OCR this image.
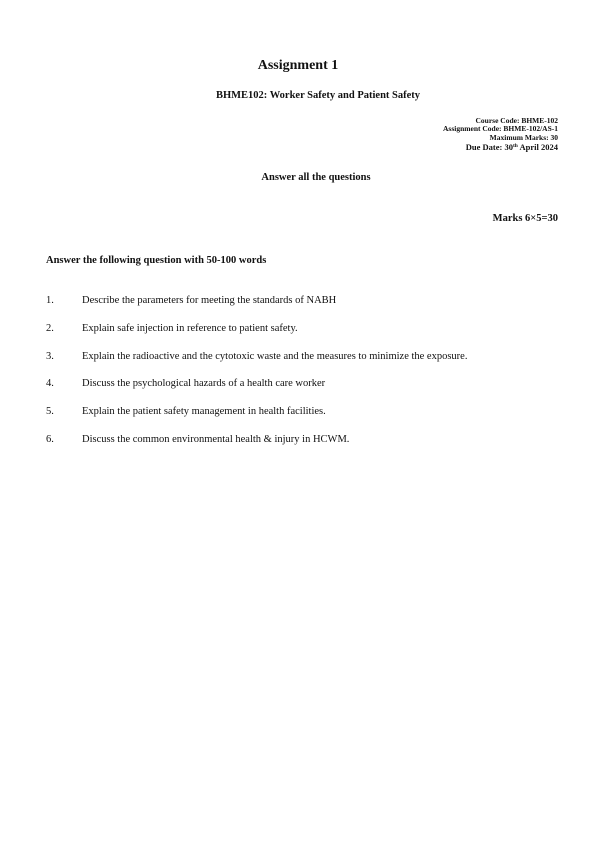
Assignment 1
BHME102: Worker Safety and Patient Safety
Course Code: BHME-102
Assignment Code: BHME-102/AS-1
Maximum Marks: 30
Due Date: 30th April 2024
Answer all the questions
Marks 6×5=30
Answer the following question with 50-100 words
1.	Describe the parameters for meeting the standards of NABH
2.	Explain safe injection in reference to patient safety.
3.	Explain the radioactive and the cytotoxic waste and the measures to minimize the exposure.
4.	Discuss the psychological hazards of a health care worker
5.	Explain the patient safety management in health facilities.
6.	Discuss the common environmental health & injury in HCWM.
